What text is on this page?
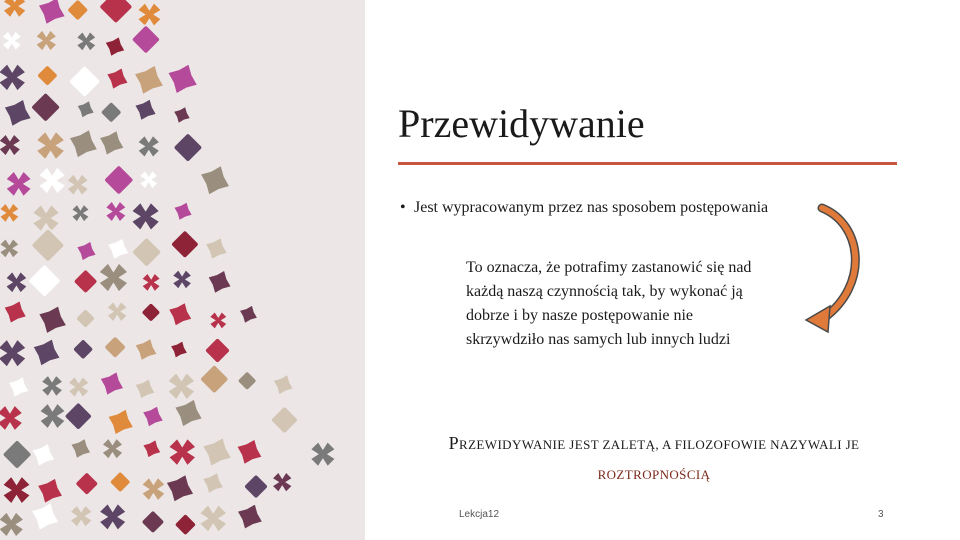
Przewidywanie
• Jest wypracowanym przez nas sposobem postępowania
To oznacza, że potrafimy zastanowić się nad
każdą naszą czynnością tak, by wykonać ją
dobrze i by nasze postępowanie nie
skrzywdziło nas samych lub innych ludzi
PRZEWIDYWANIE JEST ZALETĄ, A FILOZOFOWIE NAZYWALI JE
ROZTROPNOŚCIĄ
Lekcja12	3
